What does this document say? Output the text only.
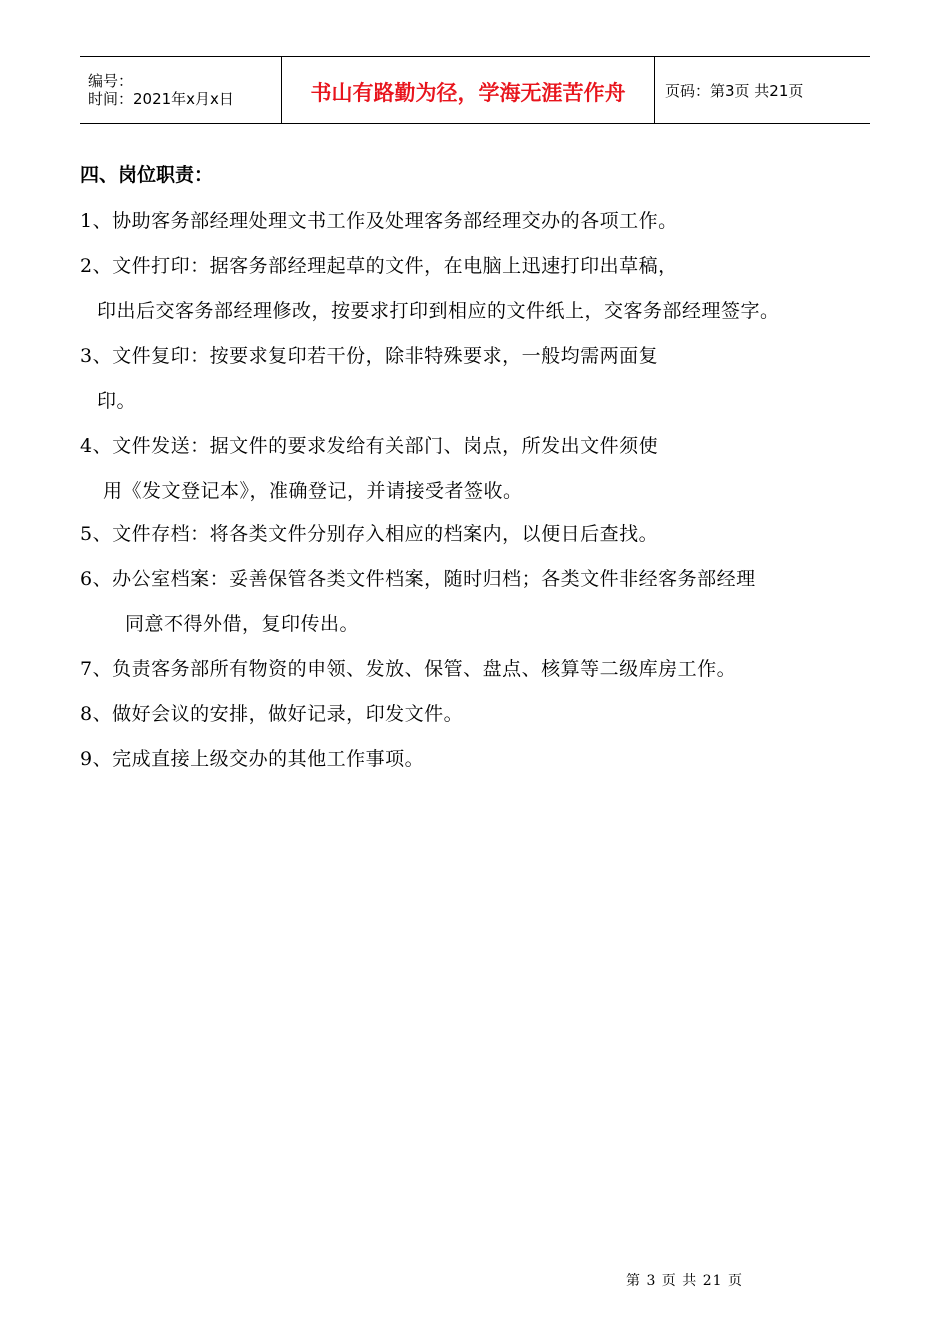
编号：
时间：2021年x月x日	书山有路勤为径，学海无涯苦作舟	页码：第3页 共21页
四、岗位职责：
1、协助客务部经理处理文书工作及处理客务部经理交办的各项工作。
2、文件打印：据客务部经理起草的文件，在电脑上迅速打印出草稿，
印出后交客务部经理修改，按要求打印到相应的文件纸上，交客务部经理签字。
3、文件复印：按要求复印若干份，除非特殊要求，一般均需两面复
印。
4、文件发送：据文件的要求发给有关部门、岗点，所发出文件须使
用《发文登记本》，准确登记，并请接受者签收。
5、文件存档：将各类文件分别存入相应的档案内，以便日后查找。
6、办公室档案：妥善保管各类文件档案，随时归档；各类文件非经客务部经理
同意不得外借，复印传出。
7、负责客务部所有物资的申领、发放、保管、盘点、核算等二级库房工作。
8、做好会议的安排，做好记录，印发文件。
9、完成直接上级交办的其他工作事项。
第 3 页 共 21 页
